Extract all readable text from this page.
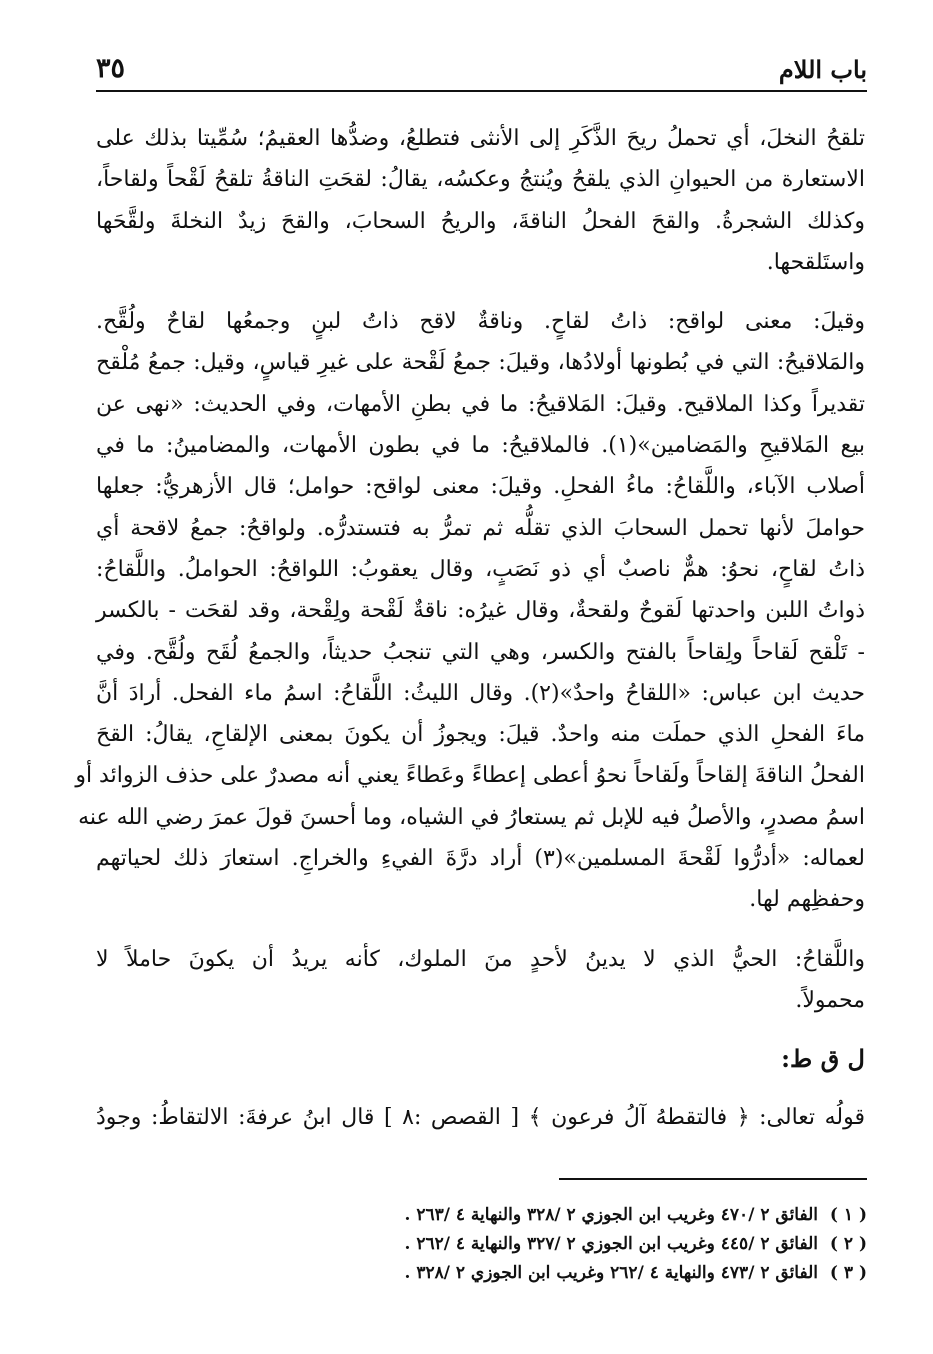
باب اللام
٣٥

تلقحُ النخلَ، أي تحملُ ريحَ الذَّكَرِ إلى الأنثى فتطلعُ، وضدُّها العقيمُ؛ سُمِّيتا بذلك على
الاستعارة من الحيوانِ الذي يلقحُ ويُنتجُ وعكسُه، يقالُ: لقحَتِ الناقةُ تلقحُ لَقْحاً ولقاحاً،
وكذلك الشجرةُ. والقحَ الفحلُ الناقةَ، والريحُ السحابَ، والقحَ زيدٌ النخلةَ ولقَّحَها
واستَلقحها.

وقيلَ: معنى لواقح: ذاتُ لقاحٍ. وناقةٌ لاقح ذاتُ لبنٍ وجمعُها لقاحٌ ولُقَّح.
والمَلاقيحُ: التي في بُطونها أولادُها، وقيلَ: جمعُ لَقْحة على غيرِ قياسٍ، وقيل: جمعُ مُلْقح
تقديراً وكذا الملاقيح. وقيلَ: المَلاقيحُ: ما في بطنِ الأمهات، وفي الحديث: «نهى عن
بيع المَلاقيحِ والمَضامين»(١). فالملاقيحُ: ما في بطون الأمهات، والمضامينُ: ما في
أصلاب الآباء، واللَّقاحُ: ماءُ الفحلِ. وقيلَ: معنى لواقح: حوامل؛ قال الأزهريُّ: جعلها
حواملَ لأنها تحمل السحابَ الذي تقلُّه ثم تمرُّ به فتستدرُّه. ولواقحُ: جمعُ لاقحة أي
ذاتُ لقاحٍ، نحوُ: همٌّ ناصبٌ أي ذو نَصَبٍ، وقال يعقوبُ: اللواقحُ: الحواملُ. واللَّقاحُ:
ذواتُ اللبن واحدتها لَقوحٌ ولقحةٌ، وقال غيرُه: ناقةٌ لَقْحة ولِقْحة، وقد لقحَت - بالكسر
- تَلْقح لَقاحاً ولِقاحاً بالفتح والكسر، وهي التي تنجبُ حديثاً، والجمعُ لُقَح ولُقَّح. وفي
حديث ابن عباس: «اللقاحُ واحدٌ»(٢). وقال الليثُ: اللَّقاحُ: اسمُ ماء الفحل. أرادَ أنَّ
ماءَ الفحلِ الذي حملَت منه واحدٌ. قيلَ: ويجوزُ أن يكونَ بمعنى الإلقاحِ، يقالُ: القحَ
الفحلُ الناقةَ إلقاحاً ولَقاحاً نحوُ أعطى إعطاءً وعَطاءً يعني أنه مصدرٌ على حذف الزوائد أو
اسمُ مصدرٍ، والأصلُ فيه للإبل ثم يستعارُ في الشياه، وما أحسنَ قولَ عمرَ رضي الله عنه
لعماله: «أدرُّوا لَقْحةَ المسلمين»(٣) أراد درَّةَ الفيءِ والخراجِ. استعارَ ذلك لحياتهم
وحفظِهم لها.

واللَّقاحُ: الحيُّ الذي لا يدينُ لأحدٍ منَ الملوك، كأنه يريدُ أن يكونَ حاملاً لا
محمولاً.

ل ق ط:

قولُه تعالى: ﴿ فالتقطهُ آلُ فرعون ﴾ [ القصص :٨ ] قال ابنُ عرفةَ: الالتقاطُ: وجودُ

( ١ ) الفائق ٢ /٤٧٠ وغريب ابن الجوزي ٢ /٣٢٨ والنهاية ٤ /٢٦٣ .
( ٢ ) الفائق ٢ /٤٤٥ وغريب ابن الجوزي ٢ /٣٢٧ والنهاية ٤ /٢٦٢ .
( ٣ ) الفائق ٢ /٤٧٣ والنهاية ٤ /٢٦٢ وغريب ابن الجوزي ٢ /٣٢٨ .
